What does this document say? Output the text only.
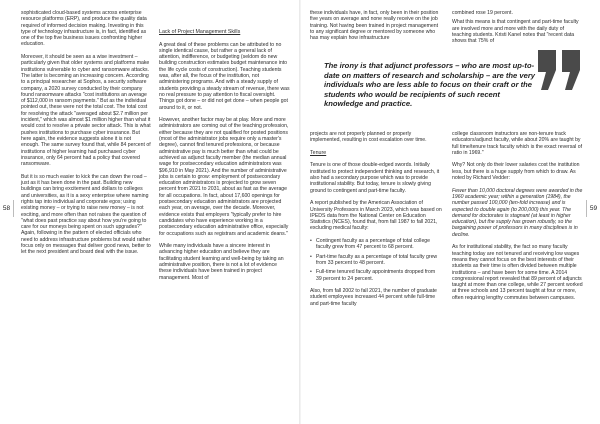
58	59

sophisticated cloud-based systems across enterprise resource platforms (ERP), and produce the quality data required of informed decision making. Investing in this type of technology infrastructure is, in fact, identified as one of the top five business issues confronting higher education.

Moreover, it should be seen as a wise investment – particularly given that older systems and platforms make institutions vulnerable to cyber and ransomware attacks. The latter is becoming an increasing concern. According to a principal researcher at Sophos, a security software company, a 2020 survey conducted by their company found ransomware attacks "cost institutions an average of $112,000 in ransom payments." But as the individual pointed out, these were not the total cost. The total cost for resolving the attack "averaged about $2.7 million per incident," which was almost $1 million higher than what it would cost to resolve a private sector attack. This is what pushes institutions to purchase cyber insurance. But here again, the evidence suggests alone it is not enough. The same survey found that, while 84 percent of institutions of higher learning had purchased cyber insurance, only 64 percent had a policy that covered ransomware.

But it is so much easier to kick the can down the road – just as it has been done in the past. Building new buildings can bring excitement and dollars to colleges and universities, as it is a sexy enterprise where naming rights tap into individual and corporate egos; using existing money – or trying to raise new money – is not exciting, and more often than not raises the question of "what does past practice say about how you're going to care for our moneys being spent on such upgrades?" Again, following in the pattern of elected officials who need to address infrastructure problems but would rather focus only on messages that deliver good news, better to let the next president and board deal with the issue.

Lack of Project Management Skills

A great deal of these problems can be attributed to no single identical cause, but rather a general lack of attention, indifference, or budgeting (seldom do new building construction estimates budget maintenance into the life cycle costs of construction). Teaching students was, after all, the focus of the institution, not administering programs. And with a steady supply of students providing a steady stream of revenue, there was no real pressure to pay attention to fiscal oversight. Things got done – or did not get done – when people got around to it, or not.

However, another factor may be at play. More and more administrators are coming out of the teaching profession, either because they are not qualified for posted positions (most of the administrator jobs require only a master's degree), cannot find tenured professions, or because administrative pay is much better than what could be achieved as adjunct faculty member (the median annual wage for postsecondary education administrators was $96,910 in May 2021). And the number of administrative jobs is certain to grow: employment of postsecondary education administrators is projected to grow seven percent from 2021 to 2031, about as fast as the average for all occupations. In fact, about 17,600 openings for postsecondary education administrators are projected each year, on average, over the decade. Moreover, evidence exists that employers "typically prefer to hire candidates who have experience working in a postsecondary education administrative office, especially for occupations such as registrars and academic deans."

While many individuals have a sincere interest in advancing higher education and believe they are facilitating student learning and well-being by taking an administrative position, there is not a lot of evidence these individuals have been trained in project management. Most of

these individuals have, in fact, only been in their position five years on average and none really receive on the job training. Not having been trained in project management to any significant degree or mentored by someone who has may explain how infrastructure

combined rose 19 percent.

What this means is that contingent and part-time faculty are involved more and more with the daily duty of teaching students. Kristi Kanel notes that "recent data shows that 75% of

The irony is that adjunct professors – who are most up-to-date on matters of research and scholarship – are the very individuals who are less able to focus on their craft or the students who would be recipients of such recent knowledge and practice.

projects are not properly planned or properly implemented, resulting in cost escalation over time.

Tenure

Tenure is one of those double-edged swords. Initially instituted to protect independent thinking and research, it also had a secondary purpose which was to provide institutional stability. But today, tenure is slowly giving ground to contingent and part-time faculty.

A report published by the American Association of University Professors in March 2023, which was based on IPEDS data from the National Center on Education Statistics (NCES), found that, from fall 1987 to fall 2021, excluding medical faculty:

• Contingent faculty as a percentage of total college faculty grew from 47 percent to 68 percent.
• Part-time faculty as a percentage of total faculty grew from 33 percent to 48 percent.
• Full-time tenured faculty appointments dropped from 39 percent to 24 percent.

Also, from fall 2002 to fall 2021, the number of graduate student employees increased 44 percent while full-time and part-time faculty

college classroom instructors are non-tenure track educators/adjunct faculty, while about 20% are taught by full time/tenure track faculty which is the exact reversal of ratio in 1969."

Why? Not only do their lower salaries cost the institution less, but there is a huge supply from which to draw. As noted by Richard Vedder:

Fewer than 10,000 doctoral degrees were awarded in the 1960 academic year; within a generation (1984), the number passed 100,000 (ten-fold increase) and is expected to double again (to 200,000) this year. The demand for doctorates is stagnant (at least in higher education), but the supply has grown robustly, so the bargaining power of professors in many disciplines is in decline.

As for institutional stability, the fact so many faculty teaching today are not tenured and receiving low wages means they cannot focus on the best interests of their students as their time is often divided between multiple institutions – and have been for some time. A 2014 congressional report revealed that 89 percent of adjuncts taught at more than one college, while 27 percent worked at three schools and 13 percent taught at four or more, often requiring lengthy commutes between campuses.
